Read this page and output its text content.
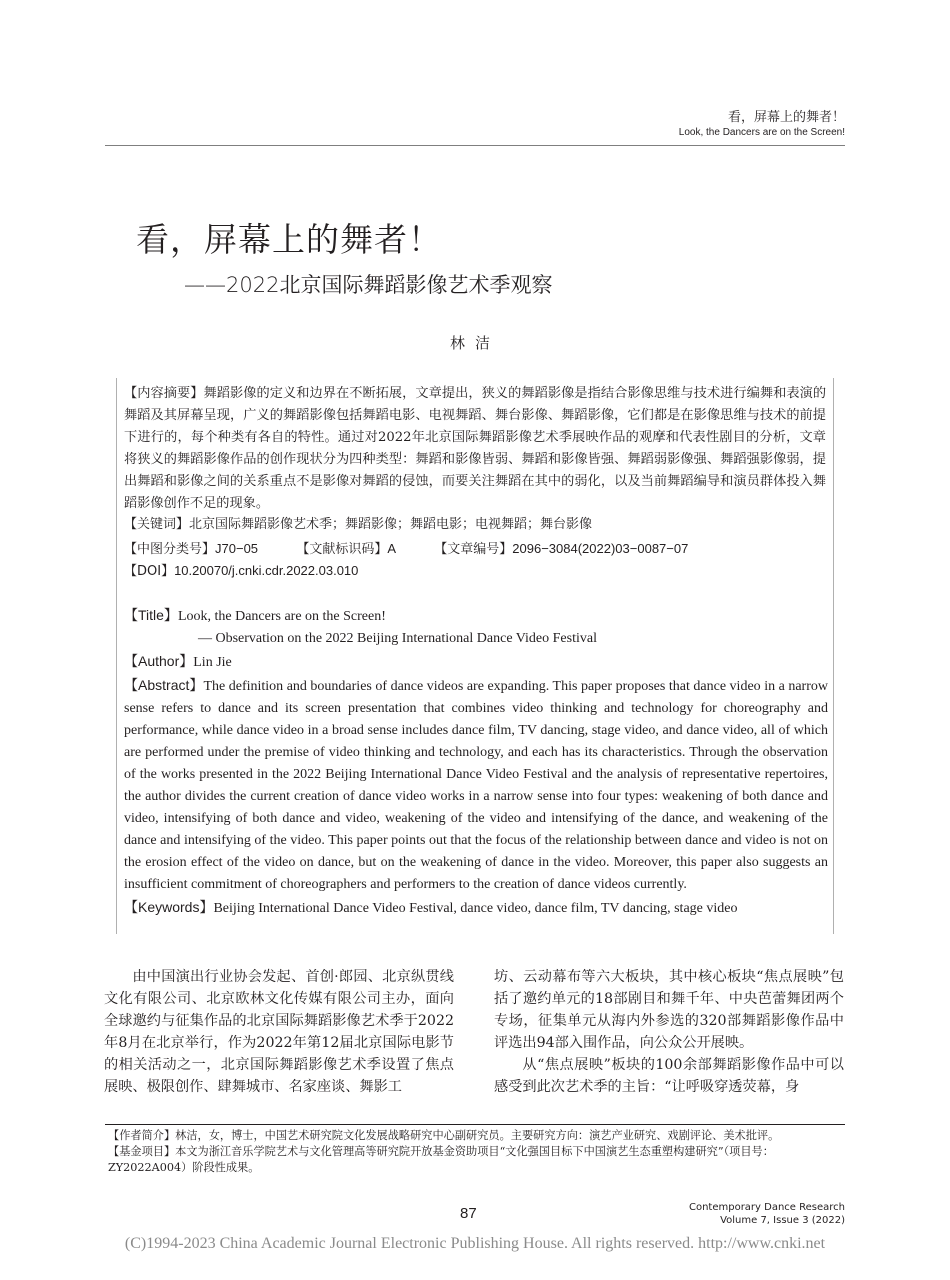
看，屏幕上的舞者！
Look, the Dancers are on the Screen!
看，屏幕上的舞者！
——2022北京国际舞蹈影像艺术季观察
林洁
【内容摘要】舞蹈影像的定义和边界在不断拓展，文章提出，狭义的舞蹈影像是指结合影像思维与技术进行编舞和表演的舞蹈及其屏幕呈现，广义的舞蹈影像包括舞蹈电影、电视舞蹈、舞台影像、舞蹈影像，它们都是在影像思维与技术的前提下进行的，每个种类有各自的特性。通过对2022年北京国际舞蹈影像艺术季展映作品的观摩和代表性剧目的分析，文章将狭义的舞蹈影像作品的创作现状分为四种类型：舞蹈和影像皆弱、舞蹈和影像皆强、舞蹈弱影像强、舞蹈强影像弱，提出舞蹈和影像之间的关系重点不是影像对舞蹈的侵蚀，而要关注舞蹈在其中的弱化，以及当前舞蹈编导和演员群体投入舞蹈影像创作不足的现象。
【关键词】北京国际舞蹈影像艺术季；舞蹈影像；舞蹈电影；电视舞蹈；舞台影像
【中图分类号】J70−05	【文献标识码】A	【文章编号】2096−3084(2022)03−0087−07
【DOI】10.20070/j.cnki.cdr.2022.03.010
【Title】Look, the Dancers are on the Screen!
— Observation on the 2022 Beijing International Dance Video Festival
【Author】Lin Jie
【Abstract】The definition and boundaries of dance videos are expanding. This paper proposes that dance video in a narrow sense refers to dance and its screen presentation that combines video thinking and technology for choreography and performance, while dance video in a broad sense includes dance film, TV dancing, stage video, and dance video, all of which are performed under the premise of video thinking and technology, and each has its characteristics. Through the observation of the works presented in the 2022 Beijing International Dance Video Festival and the analysis of representative repertoires, the author divides the current creation of dance video works in a narrow sense into four types: weakening of both dance and video, intensifying of both dance and video, weakening of the video and intensifying of the dance, and weakening of the dance and intensifying of the video. This paper points out that the focus of the relationship between dance and video is not on the erosion effect of the video on dance, but on the weakening of dance in the video. Moreover, this paper also suggests an insufficient commitment of choreographers and performers to the creation of dance videos currently.
【Keywords】Beijing International Dance Video Festival, dance video, dance film, TV dancing, stage video
由中国演出行业协会发起、首创·郎园、北京纵贯线文化有限公司、北京欧林文化传媒有限公司主办，面向全球邀约与征集作品的北京国际舞蹈影像艺术季于2022年8月在北京举行，作为2022年第12届北京国际电影节的相关活动之一，北京国际舞蹈影像艺术季设置了焦点展映、极限创作、肆舞城市、名家座谈、舞影工
坊、云动幕布等六大板块，其中核心板块“焦点展映”包括了邀约单元的18部剧目和舞千年、中央芭蕾舞团两个专场，征集单元从海内外参选的320部舞蹈影像作品中评选出94部入围作品，向公众公开展映。
从“焦点展映”板块的100余部舞蹈影像作品中可以感受到此次艺术季的主旨：“让呼吸穿透荧幕，身
【作者简介】林洁，女，博士，中国艺术研究院文化发展战略研究中心副研究员。主要研究方向：演艺产业研究、戏剧评论、美术批评。
【基金项目】本文为浙江音乐学院艺术与文化管理高等研究院开放基金资助项目“文化强国目标下中国演艺生态重塑构建研究”（项目号：ZY2022A004）阶段性成果。
87	Contemporary Dance Research
Volume 7, Issue 3 (2022)
(C)1994-2023 China Academic Journal Electronic Publishing House. All rights reserved. http://www.cnki.net
